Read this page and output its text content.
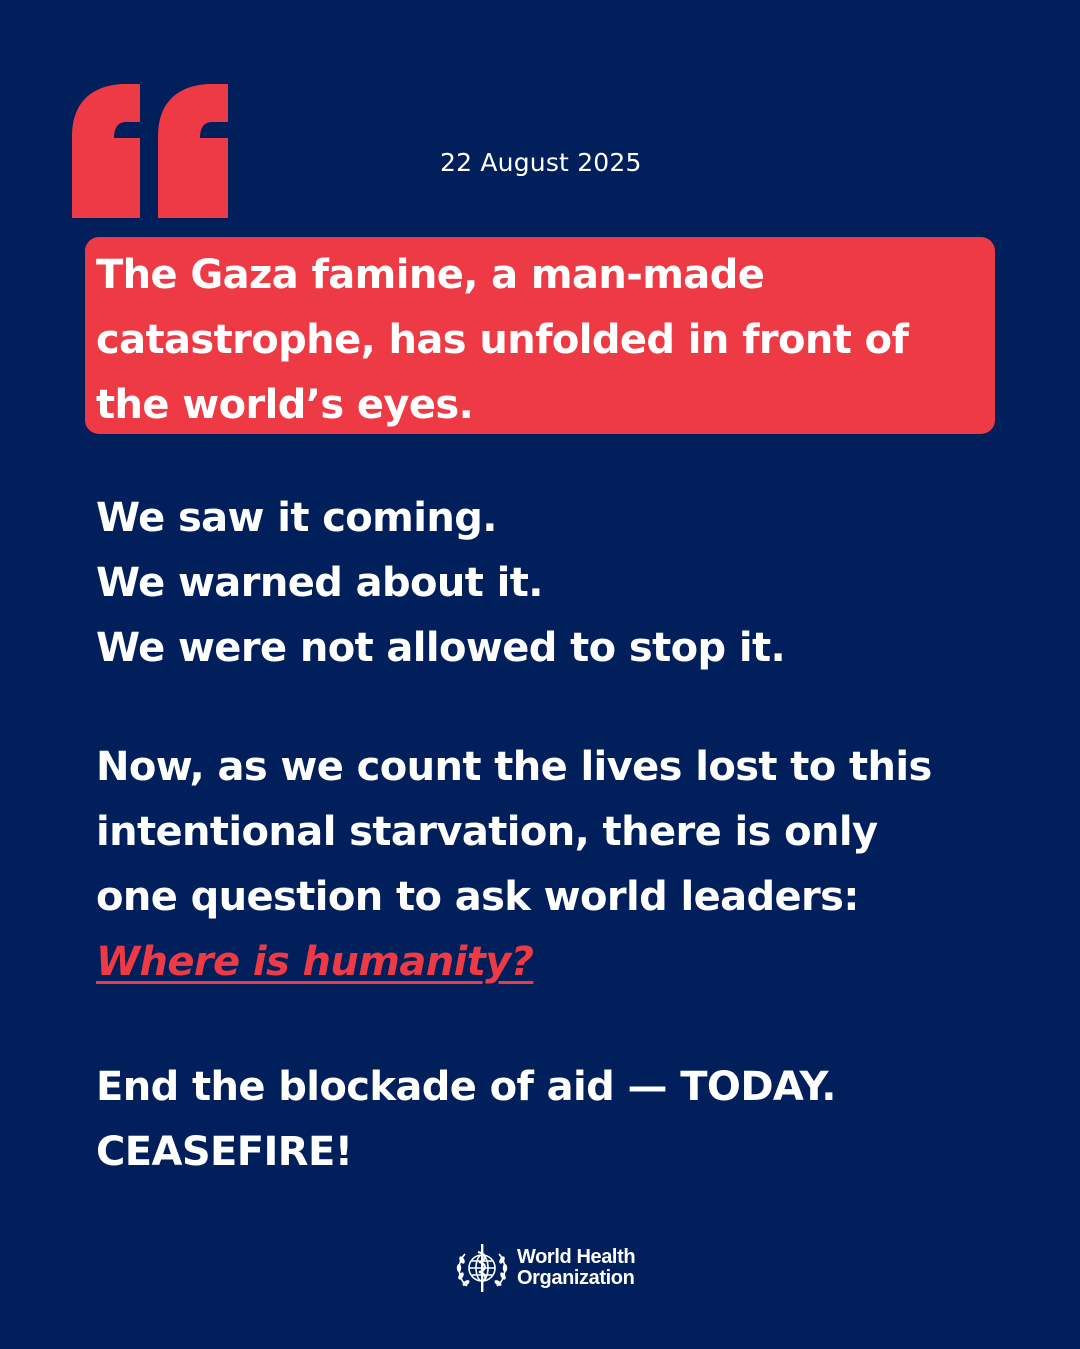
22 August 2025

The Gaza famine, a man-made
catastrophe, has unfolded in front of
the world’s eyes.

We saw it coming.
We warned about it.
We were not allowed to stop it.
Now, as we count the lives lost to this
intentional starvation, there is only
one question to ask world leaders:
Where is humanity?
End the blockade of aid — TODAY.
CEASEFIRE!
World Health
Organization
